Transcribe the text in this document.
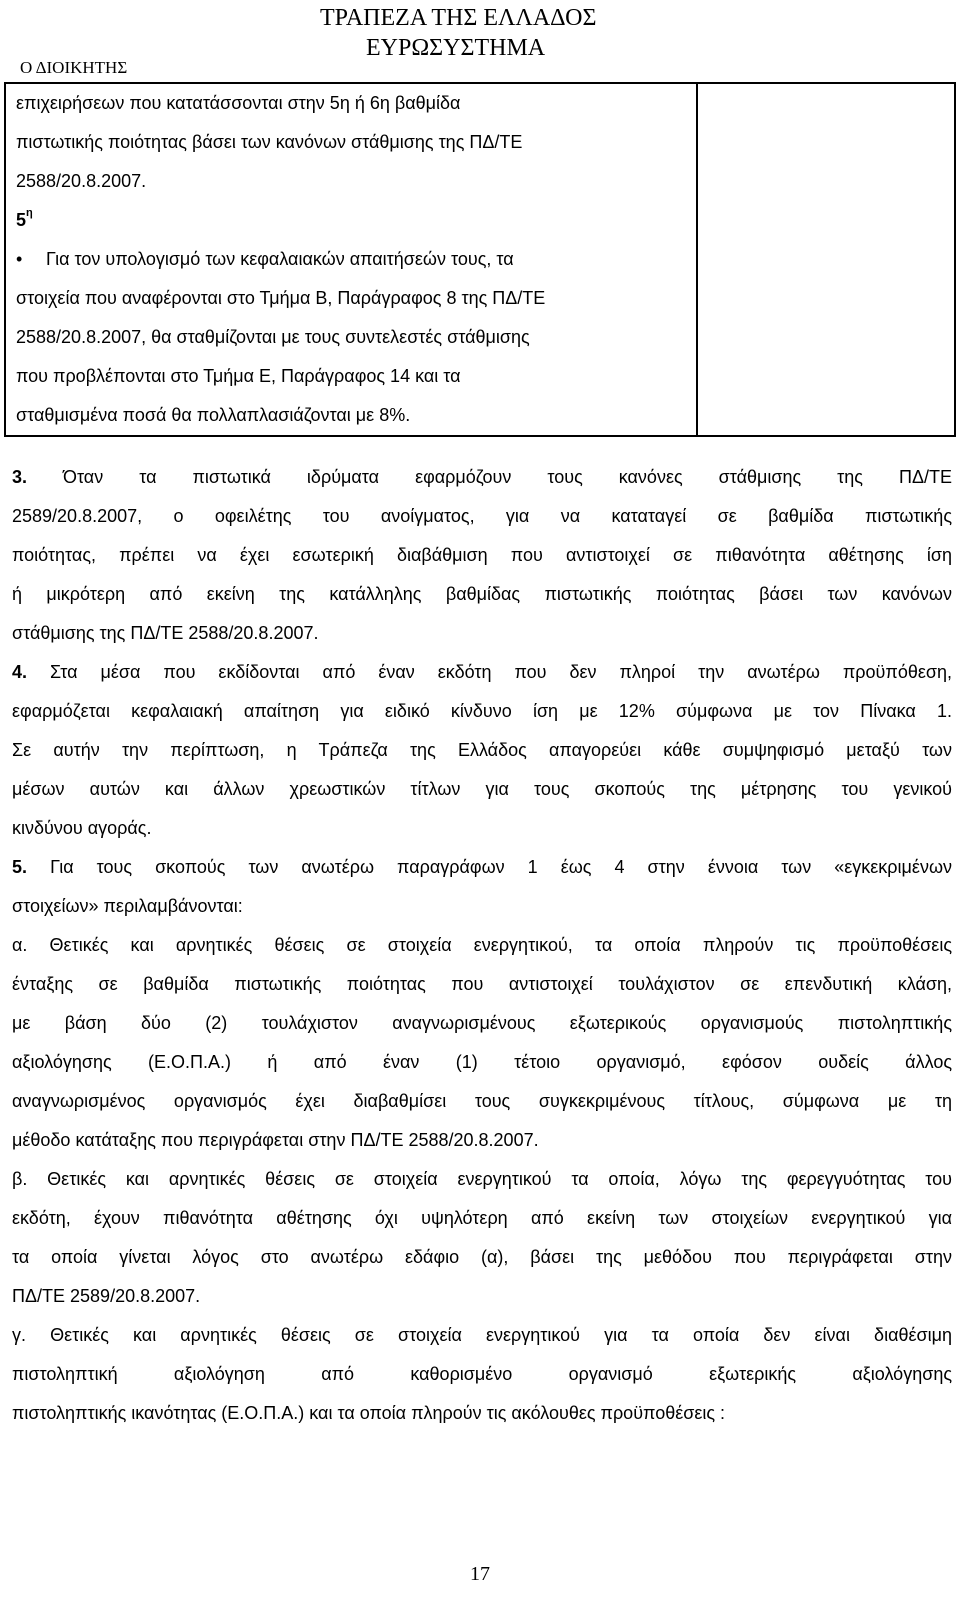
ΤΡΑΠΕΖΑ ΤΗΣ ΕΛΛΑΔΟΣ
ΕΥΡΩΣΥΣΤΗΜΑ
Ο ΔΙΟΙΚΗΤΗΣ
επιχειρήσεων που κατατάσσονται στην 5η ή 6η βαθμίδα
πιστωτικής ποιότητας βάσει των κανόνων στάθμισης της ΠΔ/ΤΕ
2588/20.8.2007.
$5^\eta$
• Για τον υπολογισμό των κεφαλαιακών απαιτήσεών τους, τα
στοιχεία που αναφέρονται στο Τμήμα Β, Παράγραφος 8 της ΠΔ/ΤΕ
2588/20.8.2007, θα σταθμίζονται με τους συντελεστές στάθμισης
που προβλέπονται στο Τμήμα Ε, Παράγραφος 14 και τα
σταθμισμένα ποσά θα πολλαπλασιάζονται με 8%.
3. Όταν τα πιστωτικά ιδρύματα εφαρμόζουν τους κανόνες στάθμισης της ΠΔ/ΤΕ
2589/20.8.2007, ο οφειλέτης του ανοίγματος, για να καταταγεί σε βαθμίδα πιστωτικής
ποιότητας, πρέπει να έχει εσωτερική διαβάθμιση που αντιστοιχεί σε πιθανότητα αθέτησης ίση
ή μικρότερη από εκείνη της κατάλληλης βαθμίδας πιστωτικής ποιότητας βάσει των κανόνων
στάθμισης της ΠΔ/ΤΕ 2588/20.8.2007.
4. Στα μέσα που εκδίδονται από έναν εκδότη που δεν πληροί την ανωτέρω προϋπόθεση,
εφαρμόζεται κεφαλαιακή απαίτηση για ειδικό κίνδυνο ίση με 12% σύμφωνα με τον Πίνακα 1.
Σε αυτήν την περίπτωση, η Τράπεζα της Ελλάδος απαγορεύει κάθε συμψηφισμό μεταξύ των
μέσων αυτών και άλλων χρεωστικών τίτλων για τους σκοπούς της μέτρησης του γενικού
κινδύνου αγοράς.
5. Για τους σκοπούς των ανωτέρω παραγράφων 1 έως 4 στην έννοια των «εγκεκριμένων
στοιχείων» περιλαμβάνονται:
α. Θετικές και αρνητικές θέσεις σε στοιχεία ενεργητικού, τα οποία πληρούν τις προϋποθέσεις
ένταξης σε βαθμίδα πιστωτικής ποιότητας που αντιστοιχεί τουλάχιστον σε επενδυτική κλάση,
με βάση δύο (2) τουλάχιστον αναγνωρισμένους εξωτερικούς οργανισμούς πιστοληπτικής
αξιολόγησης (Ε.Ο.Π.Α.) ή από έναν (1) τέτοιο οργανισμό, εφόσον ουδείς άλλος
αναγνωρισμένος οργανισμός έχει διαβαθμίσει τους συγκεκριμένους τίτλους, σύμφωνα με τη
μέθοδο κατάταξης που περιγράφεται στην ΠΔ/ΤΕ 2588/20.8.2007.
β. Θετικές και αρνητικές θέσεις σε στοιχεία ενεργητικού τα οποία, λόγω της φερεγγυότητας του
εκδότη, έχουν πιθανότητα αθέτησης όχι υψηλότερη από εκείνη των στοιχείων ενεργητικού για
τα οποία γίνεται λόγος στο ανωτέρω εδάφιο (α), βάσει της μεθόδου που περιγράφεται στην
ΠΔ/ΤΕ 2589/20.8.2007.
γ. Θετικές και αρνητικές θέσεις σε στοιχεία ενεργητικού για τα οποία δεν είναι διαθέσιμη
πιστοληπτική αξιολόγηση από καθορισμένο οργανισμό εξωτερικής αξιολόγησης
πιστοληπτικής ικανότητας (Ε.Ο.Π.Α.) και τα οποία πληρούν τις ακόλουθες προϋποθέσεις :
17
